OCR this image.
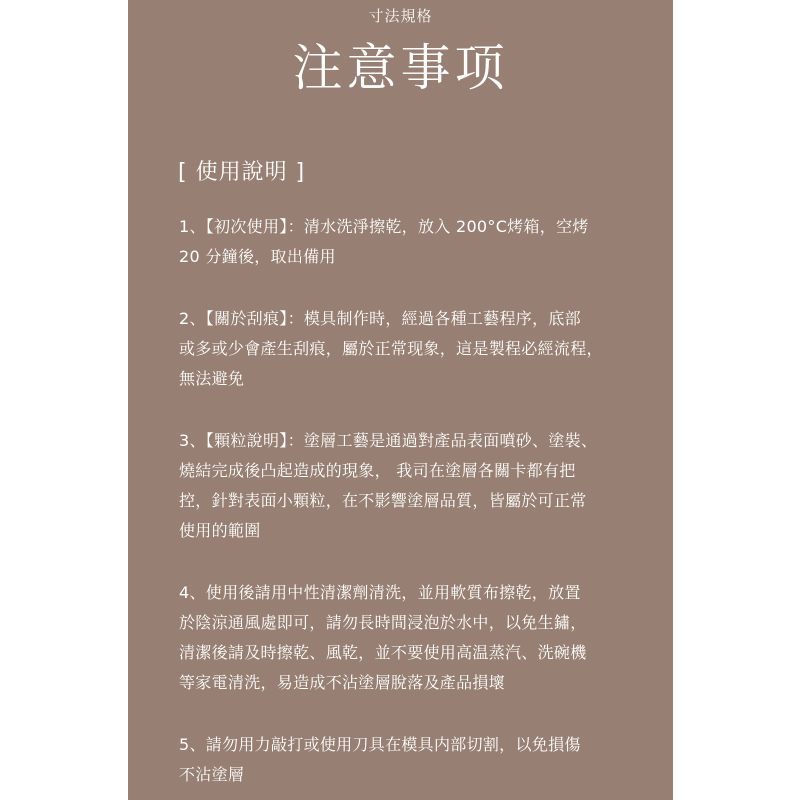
寸法規格
注意事项
[ 使用說明 ]
1、【初次使用】：清水洗淨擦乾，放入 200°C烤箱，空烤
20 分鐘後，取出備用
2、【關於刮痕】：模具制作時，經過各種工藝程序，底部
或多或少會產生刮痕，屬於正常现象，這是製程必經流程，
無法避免
3、【顆粒說明】：塗層工藝是通過對產品表面噴砂、塗裝、
燒結完成後凸起造成的現象， 我司在塗層各關卡都有把
控，針對表面小顆粒，在不影響塗層品質，皆屬於可正常
使用的範圍
4、使用後請用中性清潔劑清洗，並用軟質布擦乾，放置
於陰涼通風處即可，請勿長時間浸泡於水中，以免生鏽，
清潔後請及時擦乾、風乾，並不要使用高温蒸汽、洗碗機
等家電清洗，易造成不沾塗層脫落及產品損壞
5、請勿用力敲打或使用刀具在模具内部切割，以免損傷
不沾塗層
